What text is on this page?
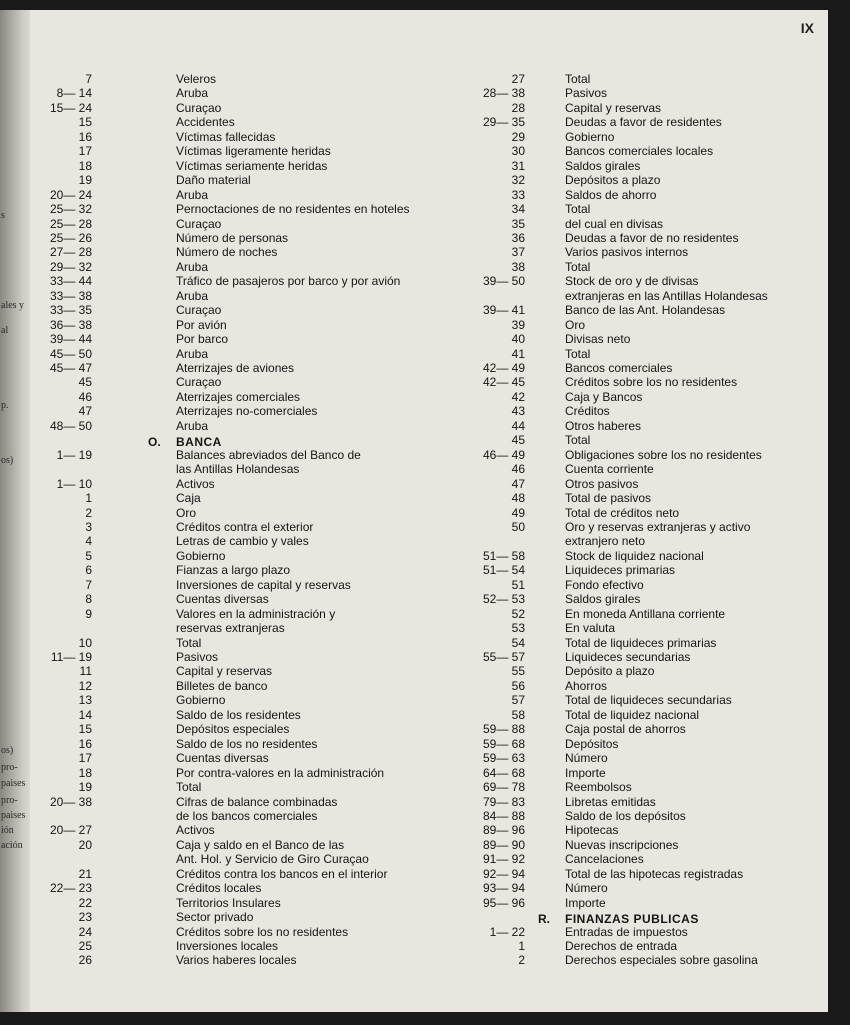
s
ales y
al
p.
os)
os)
pro-
paises
pro-
paises
ión
ación
IX
7	Veleros
8— 14	Aruba
15— 24	Curaçao
15	Accidentes
16	Víctimas fallecidas
17	Víctimas ligeramente heridas
18	Víctimas seriamente heridas
19	Daño material
20— 24	Aruba
25— 32	Pernoctaciones de no residentes en hoteles
25— 28	Curaçao
25— 26	Número de personas
27— 28	Número de noches
29— 32	Aruba
33— 44	Tráfico de pasajeros por barco y por avión
33— 38	Aruba
33— 35	Curaçao
36— 38	Por avión
39— 44	Por barco
45— 50	Aruba
45— 47	Aterrizajes de aviones
45	Curaçao
46	Aterrizajes comerciales
47	Aterrizajes no-comerciales
48— 50	Aruba
O. BANCA
1— 19	Balances abreviados del Banco de
las Antillas Holandesas
1— 10	Activos
1	Caja
2	Oro
3	Créditos contra el exterior
4	Letras de cambio y vales
5	Gobierno
6	Fianzas a largo plazo
7	Inversiones de capital y reservas
8	Cuentas diversas
9	Valores en la administración y
reservas extranjeras
10	Total
11— 19	Pasivos
11	Capital y reservas
12	Billetes de banco
13	Gobierno
14	Saldo de los residentes
15	Depósitos especiales
16	Saldo de los no residentes
17	Cuentas diversas
18	Por contra-valores en la administración
19	Total
20— 38	Cifras de balance combinadas
de los bancos comerciales
20— 27	Activos
20	Caja y saldo en el Banco de las
Ant. Hol. y Servicio de Giro Curaçao
21	Créditos contra los bancos en el interior
22— 23	Créditos locales
22	Territorios Insulares
23	Sector privado
24	Créditos sobre los no residentes
25	Inversiones locales
26	Varios haberes locales
27	Total
28— 38	Pasivos
28	Capital y reservas
29— 35	Deudas a favor de residentes
29	Gobierno
30	Bancos comerciales locales
31	Saldos girales
32	Depósitos a plazo
33	Saldos de ahorro
34	Total
35	del cual en divisas
36	Deudas a favor de no residentes
37	Varios pasivos internos
38	Total
39— 50	Stock de oro y de divisas
extranjeras en las Antillas Holandesas
39— 41	Banco de las Ant. Holandesas
39	Oro
40	Divisas neto
41	Total
42— 49	Bancos comerciales
42— 45	Créditos sobre los no residentes
42	Caja y Bancos
43	Créditos
44	Otros haberes
45	Total
46— 49	Obligaciones sobre los no residentes
46	Cuenta corriente
47	Otros pasivos
48	Total de pasivos
49	Total de créditos neto
50	Oro y reservas extranjeras y activo
extranjero neto
51— 58	Stock de liquidez nacional
51— 54	Liquideces primarias
51	Fondo efectivo
52— 53	Saldos girales
52	En moneda Antillana corriente
53	En valuta
54	Total de liquideces primarias
55— 57	Liquideces secundarias
55	Depósito a plazo
56	Ahorros
57	Total de liquideces secundarias
58	Total de liquidez nacional
59— 88	Caja postal de ahorros
59— 68	Depósitos
59— 63	Número
64— 68	Importe
69— 78	Reembolsos
79— 83	Libretas emitidas
84— 88	Saldo de los depósitos
89— 96	Hipotecas
89— 90	Nuevas inscripciones
91— 92	Cancelaciones
92— 94	Total de las hipotecas registradas
93— 94	Número
95— 96	Importe
R. FINANZAS PUBLICAS
1— 22	Entradas de impuestos
1	Derechos de entrada
2	Derechos especiales sobre gasolina
